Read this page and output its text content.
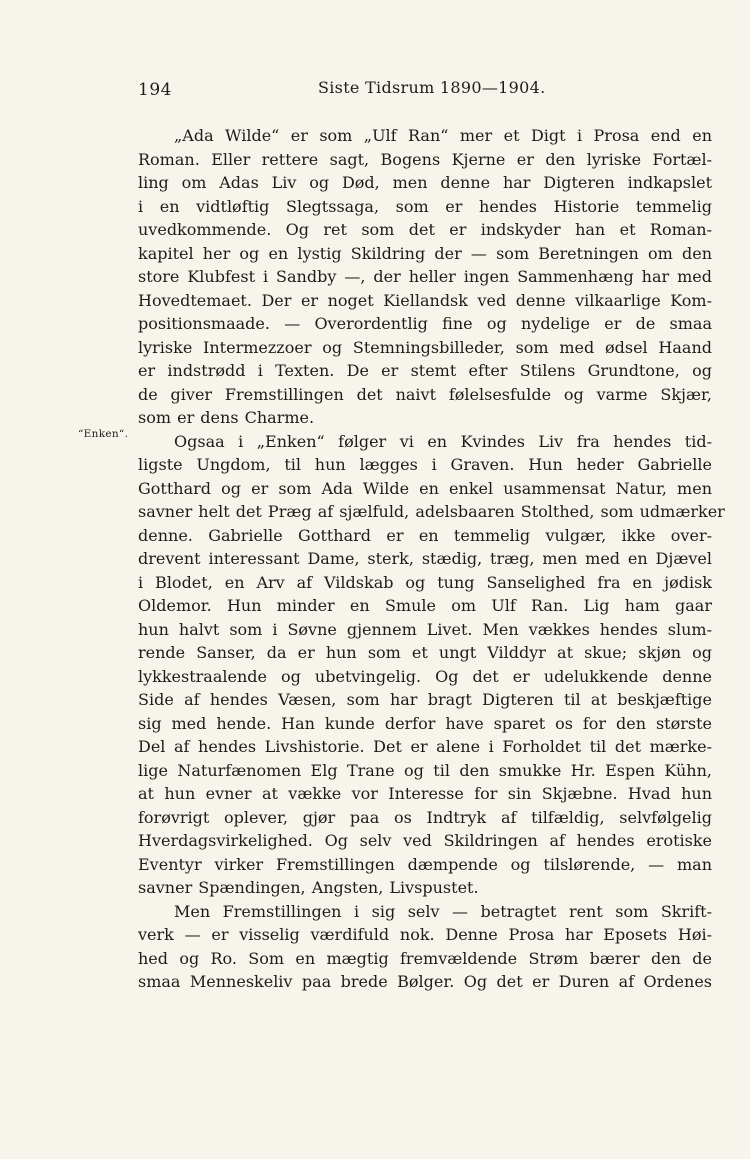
194	Siste Tidsrum 1890—1904.
“Enken“.
„Ada Wilde“ er som „Ulf Ran“ mer et Digt i Prosa end en
Roman. Eller rettere sagt, Bogens Kjerne er den lyriske Fortæl-
ling om Adas Liv og Død, men denne har Digteren indkapslet
i en vidtløftig Slegtssaga, som er hendes Historie temmelig
uvedkommende. Og ret som det er indskyder han et Roman-
kapitel her og en lystig Skildring der — som Beretningen om den
store Klubfest i Sandby —, der heller ingen Sammenhæng har med
Hovedtemaet. Der er noget Kiellandsk ved denne vilkaarlige Kom-
positionsmaade. — Overordentlig fine og nydelige er de smaa
lyriske Intermezzoer og Stemningsbilleder, som med ødsel Haand
er indstrødd i Texten. De er stemt efter Stilens Grundtone, og
de giver Fremstillingen det naivt følelsesfulde og varme Skjær,
som er dens Charme.
Ogsaa i „Enken“ følger vi en Kvindes Liv fra hendes tid-
ligste Ungdom, til hun lægges i Graven. Hun heder Gabrielle
Gotthard og er som Ada Wilde en enkel usammensat Natur, men
savner helt det Præg af sjælfuld, adelsbaaren Stolthed, som udmærker
denne. Gabrielle Gotthard er en temmelig vulgær, ikke over-
drevent interessant Dame, sterk, stædig, træg, men med en Djævel
i Blodet, en Arv af Vildskab og tung Sanselighed fra en jødisk
Oldemor. Hun minder en Smule om Ulf Ran. Lig ham gaar
hun halvt som i Søvne gjennem Livet. Men vækkes hendes slum-
rende Sanser, da er hun som et ungt Vilddyr at skue; skjøn og
lykkestraalende og ubetvingelig. Og det er udelukkende denne
Side af hendes Væsen, som har bragt Digteren til at beskjæftige
sig med hende. Han kunde derfor have sparet os for den største
Del af hendes Livshistorie. Det er alene i Forholdet til det mærke-
lige Naturfænomen Elg Trane og til den smukke Hr. Espen Kühn,
at hun evner at vække vor Interesse for sin Skjæbne. Hvad hun
forøvrigt oplever, gjør paa os Indtryk af tilfældig, selvfølgelig
Hverdagsvirkelighed. Og selv ved Skildringen af hendes erotiske
Eventyr virker Fremstillingen dæmpende og tilslørende, — man
savner Spændingen, Angsten, Livspustet.
Men Fremstillingen i sig selv — betragtet rent som Skrift-
verk — er visselig værdifuld nok. Denne Prosa har Eposets Høi-
hed og Ro. Som en mægtig fremvældende Strøm bærer den de
smaa Menneskeliv paa brede Bølger. Og det er Duren af Ordenes
